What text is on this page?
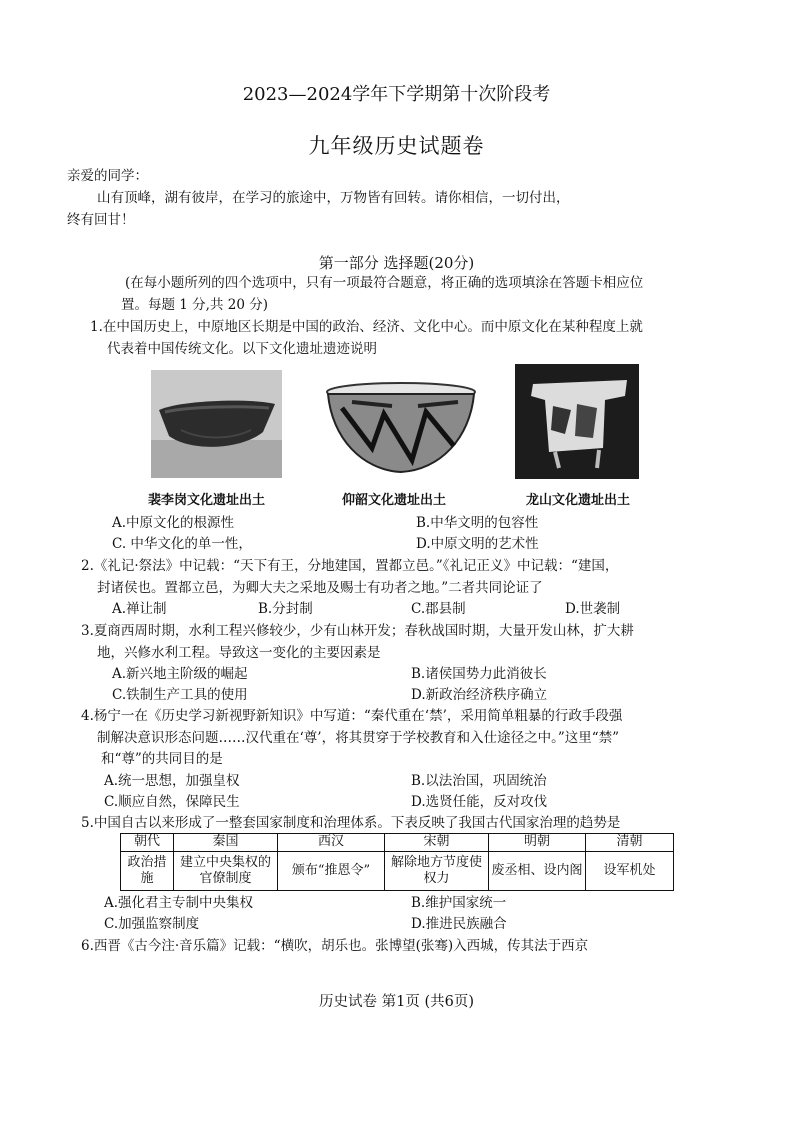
2023—2024学年下学期第十次阶段考
九年级历史试题卷
亲爱的同学：
山有顶峰，湖有彼岸，在学习的旅途中，万物皆有回转。请你相信，一切付出，
终有回甘！
第一部分 选择题(20分)
(在每小题所列的四个选项中，只有一项最符合题意，将正确的选项填涂在答题卡相应位
置。每题 1 分,共 20 分)
1.在中国历史上，中原地区长期是中国的政治、经济、文化中心。而中原文化在某种程度上就
代表着中国传统文化。以下文化遗址遗迹说明
裴李岗文化遗址出土	仰韶文化遗址出土	龙山文化遗址出土
A.中原文化的根源性	B.中华文明的包容性
C. 中华文化的单一性，	D.中原文明的艺术性
2.《礼记·祭法》中记载：“天下有王，分地建国，置都立邑。”《礼记正义》中记载：“建国，
封诸侯也。置都立邑，为卿大夫之采地及赐士有功者之地。”二者共同论证了
A.禅让制	B.分封制	C.郡县制	D.世袭制
3.夏商西周时期，水利工程兴修较少，少有山林开发；春秋战国时期，大量开发山林，扩大耕
地，兴修水利工程。导致这一变化的主要因素是
A.新兴地主阶级的崛起	B.诸侯国势力此消彼长
C.铁制生产工具的使用	D.新政治经济秩序确立
4.杨宁一在《历史学习新视野新知识》中写道：“秦代重在‘禁’，采用简单粗暴的行政手段强
制解决意识形态问题……汉代重在‘尊’，将其贯穿于学校教育和入仕途径之中。”这里“禁”
和“尊”的共同目的是
A.统一思想，加强皇权	B.以法治国，巩固统治
C.顺应自然，保障民生	D.选贤任能，反对攻伐
5.中国自古以来形成了一整套国家制度和治理体系。下表反映了我国古代国家治理的趋势是
朝代	秦国	西汉	宋朝	明朝	清朝
政治措施	建立中央集权的官僚制度	颁布“推恩令”	解除地方节度使权力	废丞相、设内阁	设军机处
A.强化君主专制中央集权	B.维护国家统一
C.加强监察制度	D.推进民族融合
6.西晋《古今注·音乐篇》记载：“横吹，胡乐也。张博望(张骞)入西城，传其法于西京
历史试卷 第1页 (共6页)
